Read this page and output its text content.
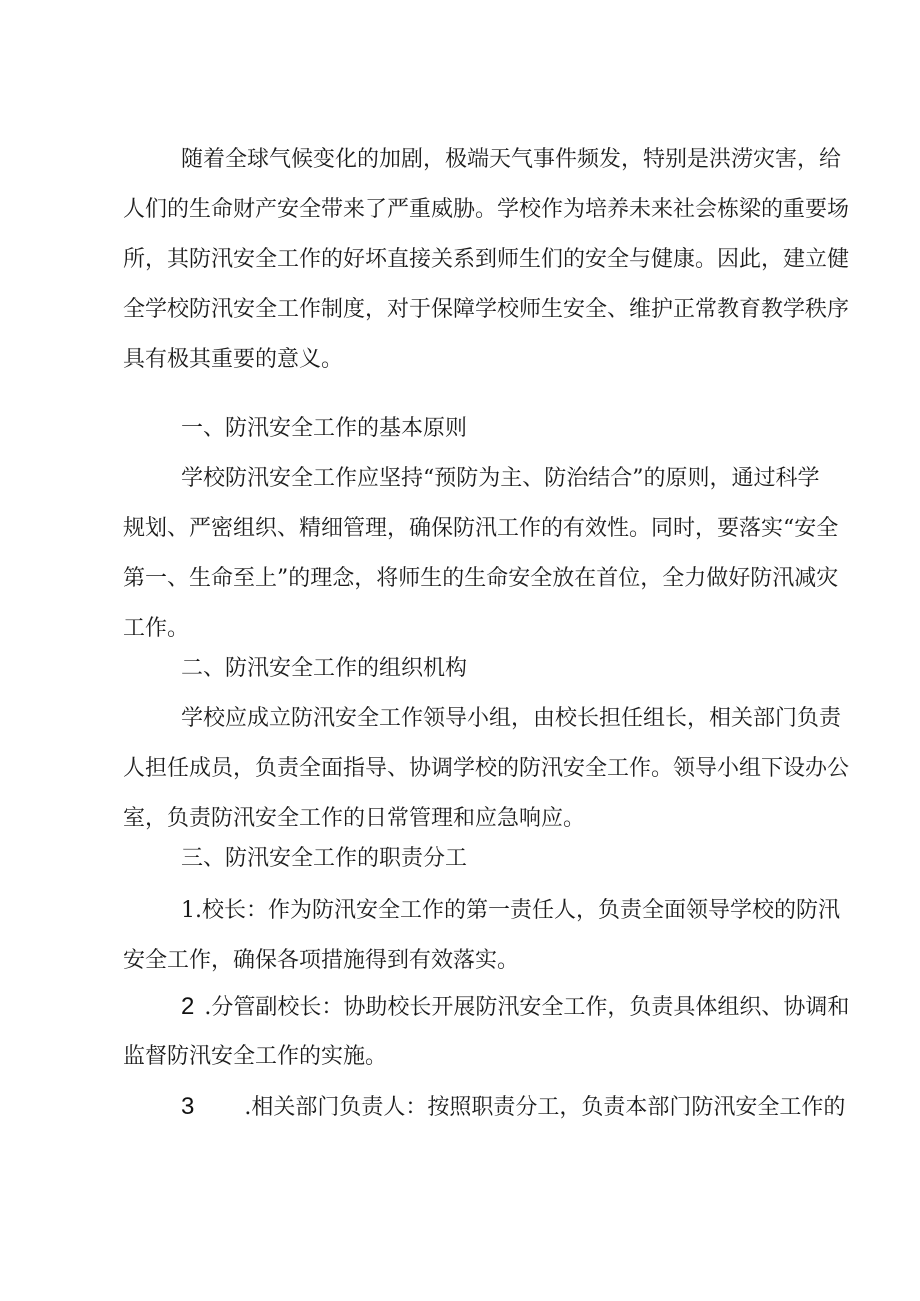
随着全球气候变化的加剧，极端天气事件频发，特别是洪涝灾害，给
人们的生命财产安全带来了严重威胁。学校作为培养未来社会栋梁的重要场
所，其防汛安全工作的好坏直接关系到师生们的安全与健康。因此，建立健
全学校防汛安全工作制度，对于保障学校师生安全、维护正常教育教学秩序
具有极其重要的意义。
一、防汛安全工作的基本原则
学校防汛安全工作应坚持“预防为主、防治结合”的原则，通过科学
规划、严密组织、精细管理，确保防汛工作的有效性。同时，要落实“安全
第一、生命至上”的理念，将师生的生命安全放在首位，全力做好防汛减灾
工作。
二、防汛安全工作的组织机构
学校应成立防汛安全工作领导小组，由校长担任组长，相关部门负责
人担任成员，负责全面指导、协调学校的防汛安全工作。领导小组下设办公
室，负责防汛安全工作的日常管理和应急响应。
三、防汛安全工作的职责分工
1.校长：作为防汛安全工作的第一责任人，负责全面领导学校的防汛
安全工作，确保各项措施得到有效落实。
2 .分管副校长：协助校长开展防汛安全工作，负责具体组织、协调和
监督防汛安全工作的实施。
3 .相关部门负责人：按照职责分工，负责本部门防汛安全工作的
